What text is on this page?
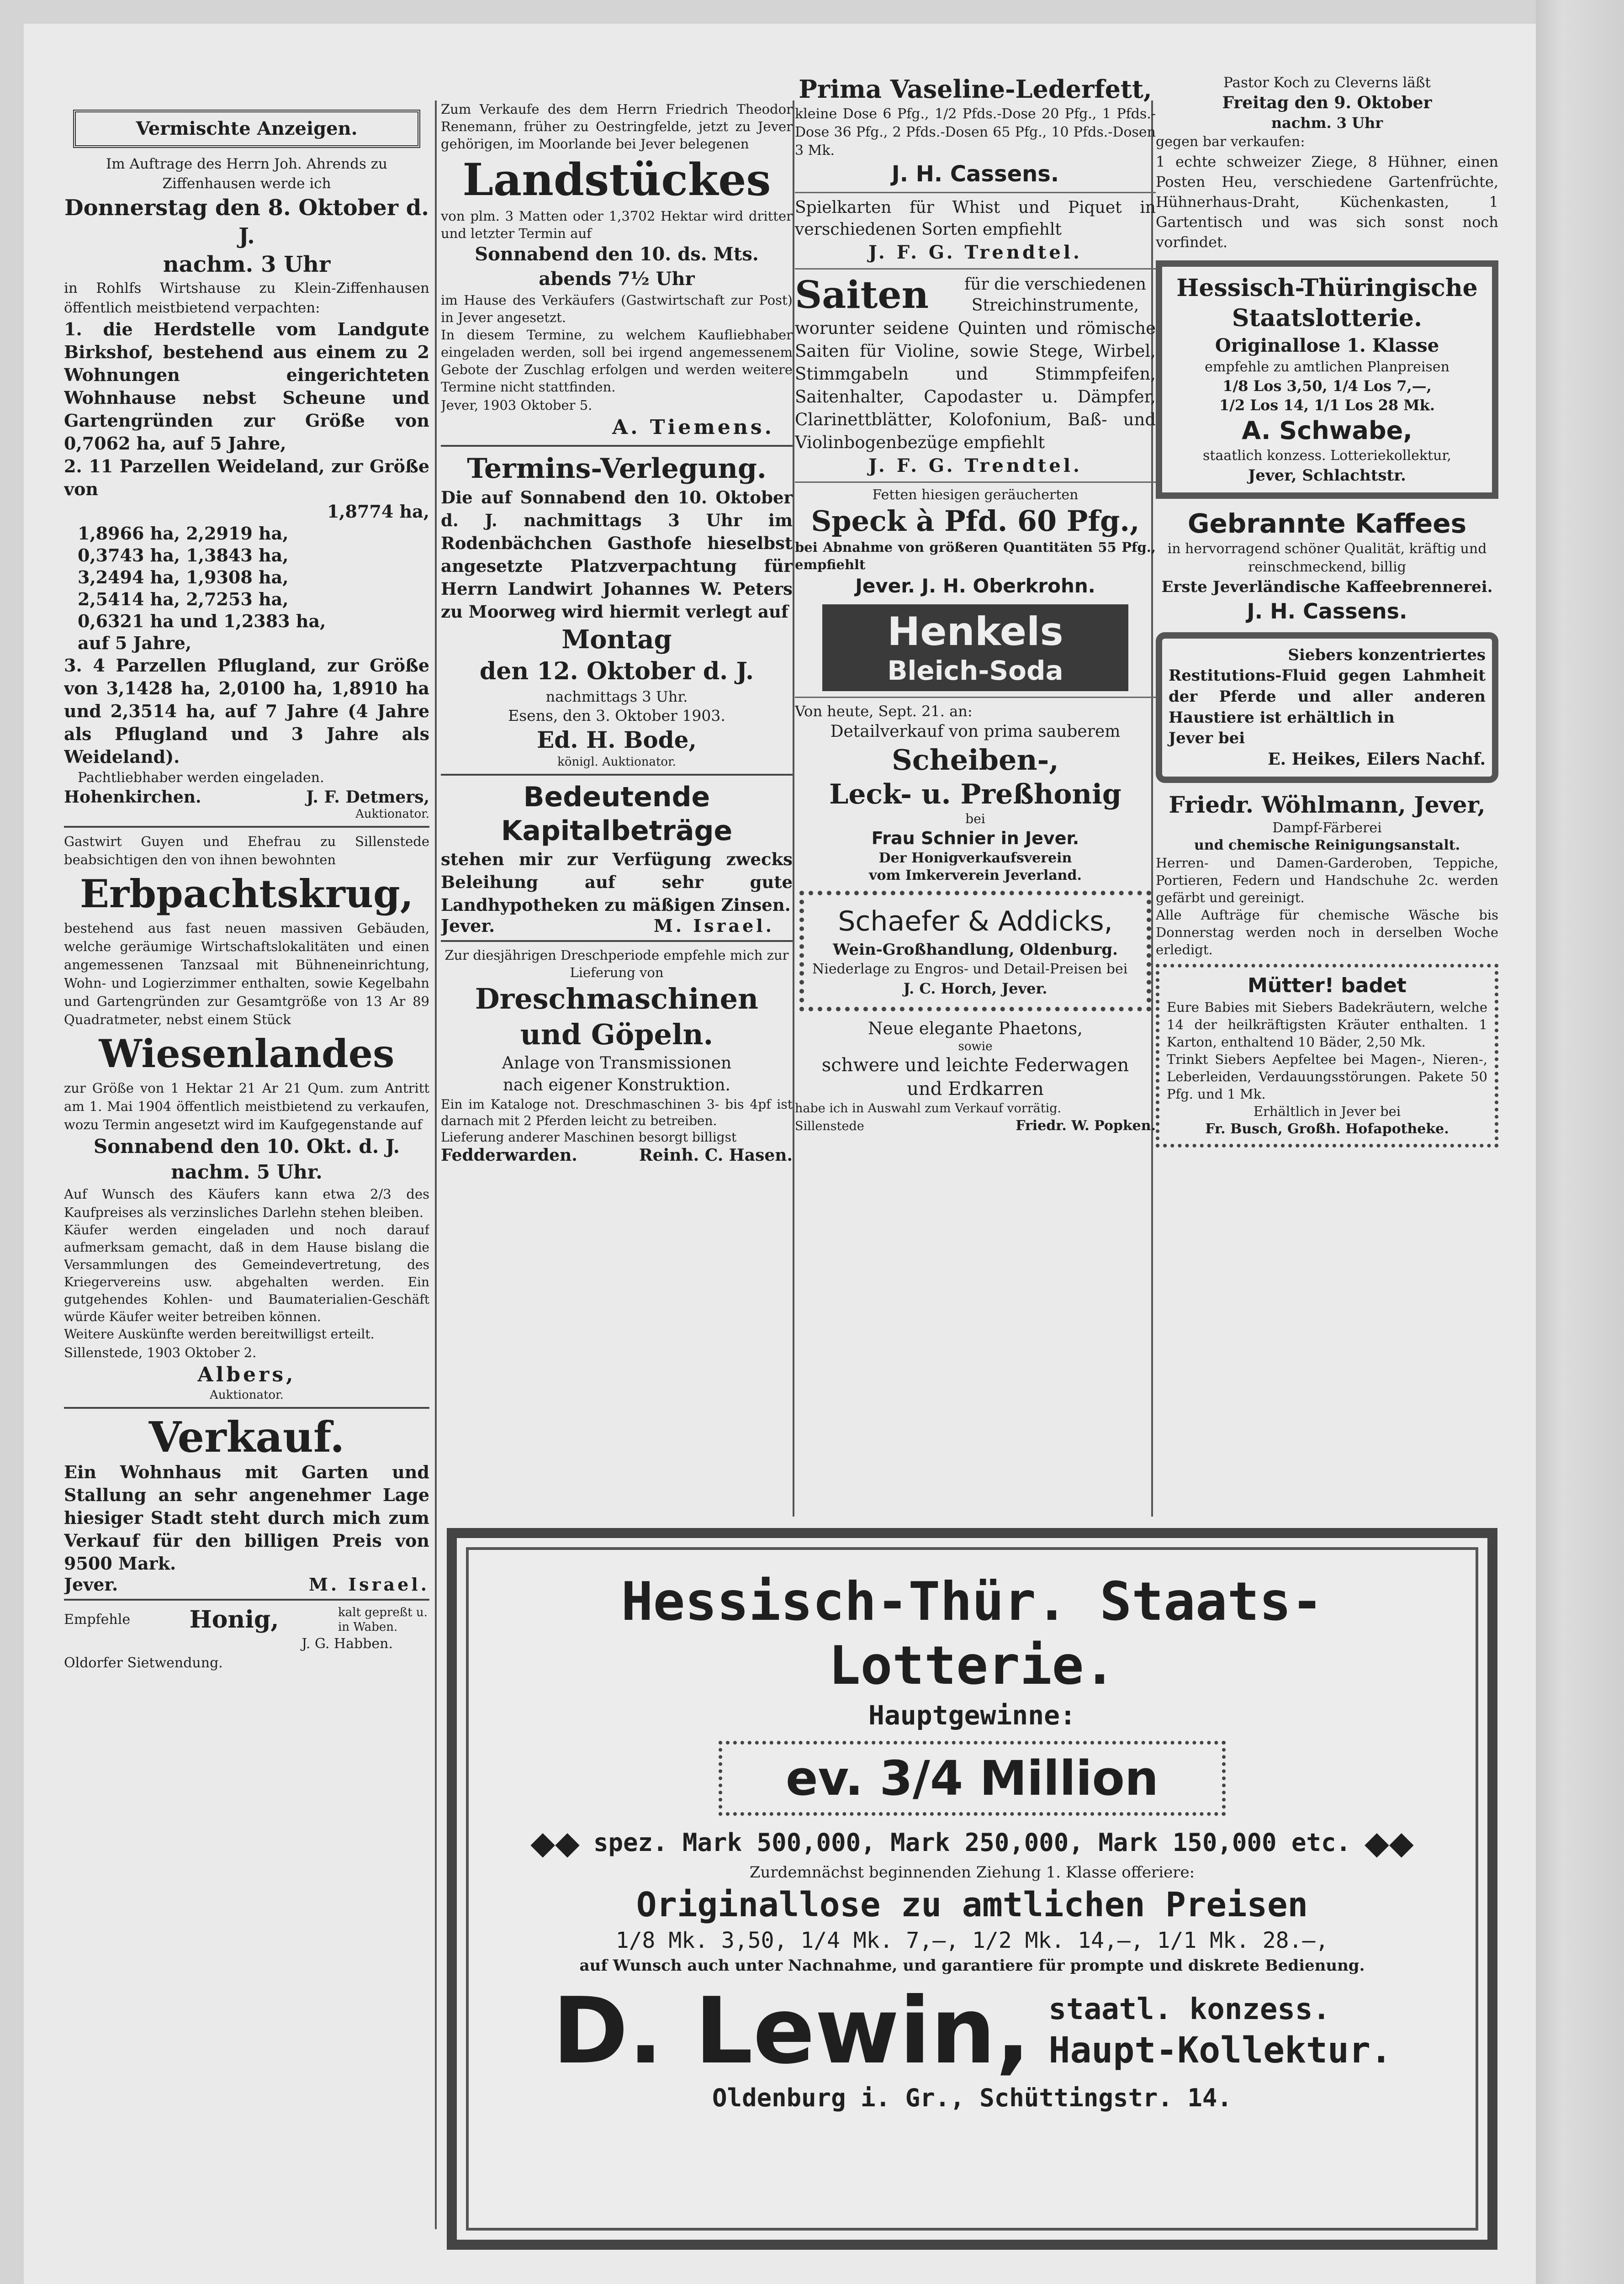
Vermischte Anzeigen.
Im Auftrage des Herrn Joh. Ahrends zu Ziffenhausen werde ich
Donnerstag den 8. Oktober d. J.
nachm. 3 Uhr
in Rohlfs Wirtshause zu Klein-Ziffenhausen öffentlich meistbietend verpachten:
1. die Herdstelle vom Landgute Birkshof, bestehend aus einem zu 2 Wohnungen eingerichteten Wohnhause nebst Scheune und Gartengründen zur Größe von 0,7062 ha, auf 5 Jahre,
2. 11 Parzellen Weideland, zur Größe von
1,8774 ha,
1,8966 ha, 2,2919 ha,
0,3743 ha, 1,3843 ha,
3,2494 ha, 1,9308 ha,
2,5414 ha, 2,7253 ha,
0,6321 ha und 1,2383 ha,
auf 5 Jahre,
3. 4 Parzellen Pflugland, zur Größe von 3,1428 ha, 2,0100 ha, 1,8910 ha und 2,3514 ha, auf 7 Jahre (4 Jahre als Pflugland und 3 Jahre als Weideland).
Pachtliebhaber werden eingeladen.
Hohenkirchen.	J. F. Detmers,
Auktionator.
Gastwirt Guyen und Ehefrau zu Sillenstede beabsichtigen den von ihnen bewohnten
Erbpachtskrug,
bestehend aus fast neuen massiven Gebäuden, welche geräumige Wirtschaftslokalitäten und einen angemessenen Tanzsaal mit Bühneneinrichtung, Wohn- und Logierzimmer enthalten, sowie Kegelbahn und Gartengründen zur Gesamtgröße von 13 Ar 89 Quadratmeter, nebst einem Stück
Wiesenlandes
zur Größe von 1 Hektar 21 Ar 21 Qum. zum Antritt am 1. Mai 1904 öffentlich meistbietend zu verkaufen, wozu Termin angesetzt wird im Kaufgegenstande auf
Sonnabend den 10. Okt. d. J.
nachm. 5 Uhr.
Auf Wunsch des Käufers kann etwa 2/3 des Kaufpreises als verzinsliches Darlehn stehen bleiben.
Käufer werden eingeladen und noch darauf aufmerksam gemacht, daß in dem Hause bislang die Versammlungen des Gemeindevertretung, des Kriegervereins usw. abgehalten werden. Ein gutgehendes Kohlen- und Baumaterialien-Geschäft würde Käufer weiter betreiben können.
Weitere Auskünfte werden bereitwilligst erteilt.
Sillenstede, 1903 Oktober 2.
Albers,
Auktionator.
Verkauf.
Ein Wohnhaus mit Garten und Stallung an sehr angenehmer Lage hiesiger Stadt steht durch mich zum Verkauf für den billigen Preis von 9500 Mark.
Jever.	M. Israel.
Empfehle Honig,	kalt gepreßt u. in Waben.
J. G. Habben.
Oldorfer Sietwendung.
Zum Verkaufe des dem Herrn Friedrich Theodor Renemann, früher zu Oestringfelde, jetzt zu Jever gehörigen, im Moorlande bei Jever belegenen
Landstückes
von plm. 3 Matten oder 1,3702 Hektar wird dritter und letzter Termin auf
Sonnabend den 10. ds. Mts.
abends 7½ Uhr
im Hause des Verkäufers (Gastwirtschaft zur Post) in Jever angesetzt.
In diesem Termine, zu welchem Kaufliebhaber eingeladen werden, soll bei irgend angemessenem Gebote der Zuschlag erfolgen und werden weitere Termine nicht stattfinden.
Jever, 1903 Oktober 5.
A. Tiemens.
Termins-Verlegung.
Die auf Sonnabend den 10. Oktober d. J. nachmittags 3 Uhr im Rodenbächchen Gasthofe hieselbst angesetzte Platzverpachtung für Herrn Landwirt Johannes W. Peters zu Moorweg wird hiermit verlegt auf
Montag
den 12. Oktober d. J.
nachmittags 3 Uhr.
Esens, den 3. Oktober 1903.
Ed. H. Bode,
königl. Auktionator.
Bedeutende
Kapitalbeträge
stehen mir zur Verfügung zwecks Beleihung auf sehr gute Landhypotheken zu mäßigen Zinsen.
Jever.	M. Israel.
Zur diesjährigen Dreschperiode empfehle mich zur Lieferung von
Dreschmaschinen
und Göpeln.
Anlage von Transmissionen
nach eigener Konstruktion.
Ein im Kataloge not. Dreschmaschinen 3- bis 4pf ist darnach mit 2 Pferden leicht zu betreiben.
Lieferung anderer Maschinen besorgt billigst
Fedderwarden.	Reinh. C. Hasen.
Prima Vaseline-Lederfett,
kleine Dose 6 Pfg., 1/2 Pfds.-Dose 20 Pfg., 1 Pfds.-Dose 36 Pfg., 2 Pfds.-Dosen 65 Pfg., 10 Pfds.-Dosen 3 Mk.
J. H. Cassens.
Spielkarten für Whist und Piquet in verschiedenen Sorten empfiehlt
J. F. G. Trendtel.
Saiten	für die verschiedenen Streichinstrumente,
worunter seidene Quinten und römische Saiten für Violine, sowie Stege, Wirbel, Stimmgabeln und Stimmpfeifen, Saitenhalter, Capodaster u. Dämpfer, Clarinettblätter, Kolofonium, Baß- und Violinbogenbezüge empfiehlt
J. F. G. Trendtel.
Fetten hiesigen geräucherten
Speck à Pfd. 60 Pfg.,
bei Abnahme von größeren Quantitäten 55 Pfg., empfiehlt
Jever. J. H. Oberkrohn.
Henkels
Bleich-Soda
Von heute, Sept. 21. an:
Detailverkauf von prima sauberem
Scheiben-,
Leck- u. Preßhonig
bei
Frau Schnier in Jever.
Der Honigverkaufsverein
vom Imkerverein Jeverland.
Schaefer & Addicks,
Wein-Großhandlung, Oldenburg.
Niederlage zu Engros- und Detail-Preisen bei
J. C. Horch, Jever.
Neue elegante Phaetons,
sowie
schwere und leichte Federwagen
und Erdkarren
habe ich in Auswahl zum Verkauf vorrätig.
Sillenstede	Friedr. W. Popken.
Pastor Koch zu Cleverns läßt
Freitag den 9. Oktober
nachm. 3 Uhr
gegen bar verkaufen:
1 echte schweizer Ziege, 8 Hühner, einen Posten Heu, verschiedene Gartenfrüchte, Hühnerhaus-Draht, Küchenkasten, 1 Gartentisch und was sich sonst noch vorfindet.
Hessisch-Thüringische
Staatslotterie.
Originallose 1. Klasse
empfehle zu amtlichen Planpreisen
1/8 Los 3,50, 1/4 Los 7,—,
1/2 Los 14, 1/1 Los 28 Mk.
A. Schwabe,
staatlich konzess. Lotteriekollektur,
Jever, Schlachtstr.
Gebrannte Kaffees
in hervorragend schöner Qualität, kräftig und reinschmeckend, billig
Erste Jeverländische Kaffeebrennerei.
J. H. Cassens.
Siebers konzentriertes
Restitutions-Fluid gegen Lahmheit der Pferde und aller anderen Haustiere ist erhältlich in
Jever bei
E. Heikes, Eilers Nachf.
Friedr. Wöhlmann, Jever,
Dampf-Färberei
und chemische Reinigungsanstalt.
Herren- und Damen-Garderoben, Teppiche, Portieren, Federn und Handschuhe 2c. werden gefärbt und gereinigt.
Alle Aufträge für chemische Wäsche bis Donnerstag werden noch in derselben Woche erledigt.
Mütter! badet
Eure Babies mit Siebers Badekräutern, welche 14 der heilkräftigsten Kräuter enthalten. 1 Karton, enthaltend 10 Bäder, 2,50 Mk.
Trinkt Siebers Aepfeltee bei Magen-, Nieren-, Leberleiden, Verdauungsstörungen. Pakete 50 Pfg. und 1 Mk.
Erhältlich in Jever bei
Fr. Busch, Großh. Hofapotheke.
Hessisch-Thür. Staats-Lotterie.
Hauptgewinne:
ev. 3/4 Million
◆◆ spez. Mark 500,000, Mark 250,000, Mark 150,000 etc. ◆◆
Zurdemnächst beginnenden Ziehung 1. Klasse offeriere:
Originallose zu amtlichen Preisen
1/8 Mk. 3,50, 1/4 Mk. 7,—, 1/2 Mk. 14,—, 1/1 Mk. 28.—,
auf Wunsch auch unter Nachnahme, und garantiere für prompte und diskrete Bedienung.
D. Lewin, staatl. konzess.
Haupt-Kollektur.
Oldenburg i. Gr., Schüttingstr. 14.
